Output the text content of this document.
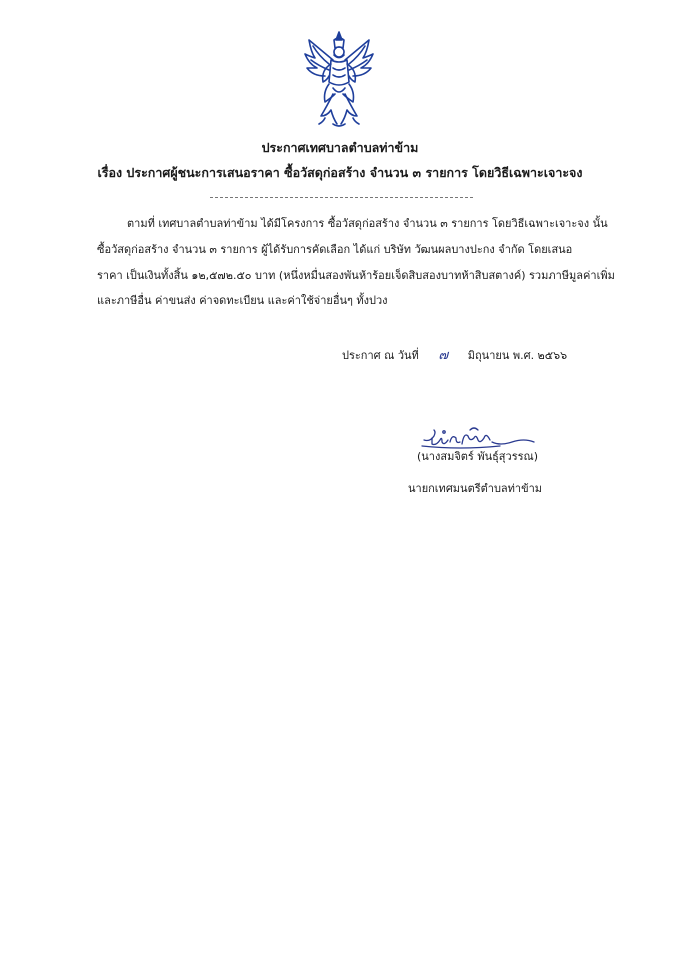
ประกาศเทศบาลตำบลท่าข้าม
เรื่อง ประกาศผู้ชนะการเสนอราคา ซื้อวัสดุก่อสร้าง จำนวน ๓ รายการ โดยวิธีเฉพาะเจาะจง
ตามที่ เทศบาลตำบลท่าข้าม ได้มีโครงการ ซื้อวัสดุก่อสร้าง จำนวน ๓ รายการ โดยวิธีเฉพาะเจาะจง นั้น
ซื้อวัสดุก่อสร้าง จำนวน ๓ รายการ ผู้ได้รับการคัดเลือก ได้แก่ บริษัท วัฒนผลบางปะกง จำกัด โดยเสนอ
ราคา เป็นเงินทั้งสิ้น ๑๒,๕๗๒.๕๐ บาท (หนึ่งหมื่นสองพันห้าร้อยเจ็ดสิบสองบาทห้าสิบสตางค์) รวมภาษีมูลค่าเพิ่ม
และภาษีอื่น ค่าขนส่ง ค่าจดทะเบียน และค่าใช้จ่ายอื่นๆ ทั้งปวง
ประกาศ ณ วันที่ ๗ มิถุนายน พ.ศ. ๒๕๖๖
(นางสมจิตร์ พันธุ์สุวรรณ)
นายกเทศมนตรีตำบลท่าข้าม
